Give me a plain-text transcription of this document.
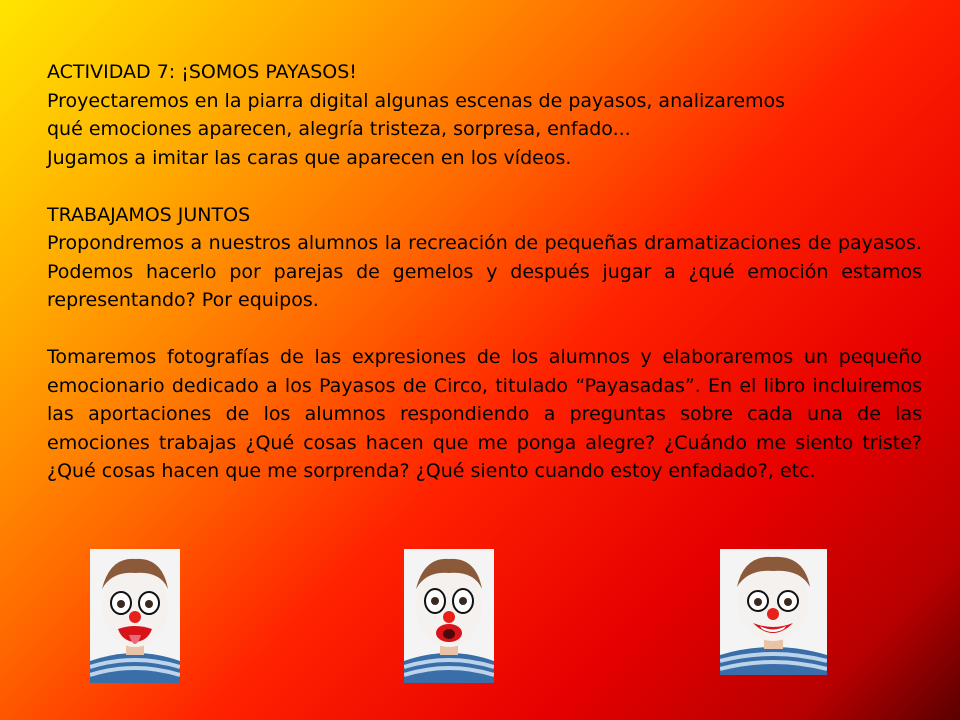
ACTIVIDAD 7: ¡SOMOS PAYASOS!

Proyectaremos en la piarra digital algunas escenas de payasos, analizaremos

qué emociones aparecen, alegría tristeza, sorpresa, enfado...

Jugamos a imitar las caras que aparecen en los vídeos.

TRABAJAMOS JUNTOS

Propondremos a nuestros alumnos la recreación de pequeñas dramatizaciones de payasos. Podemos hacerlo por parejas de gemelos y después jugar a ¿qué emoción estamos representando? Por equipos.

Tomaremos fotografías de las expresiones de los alumnos y elaboraremos un pequeño emocionario dedicado a los Payasos de Circo, titulado “Payasadas”. En el libro incluiremos las aportaciones de los alumnos respondiendo a preguntas sobre cada una de las emociones trabajas ¿Qué cosas hacen que me ponga alegre? ¿Cuándo me siento triste? ¿Qué cosas hacen que me sorprenda? ¿Qué siento cuando estoy enfadado?, etc.
